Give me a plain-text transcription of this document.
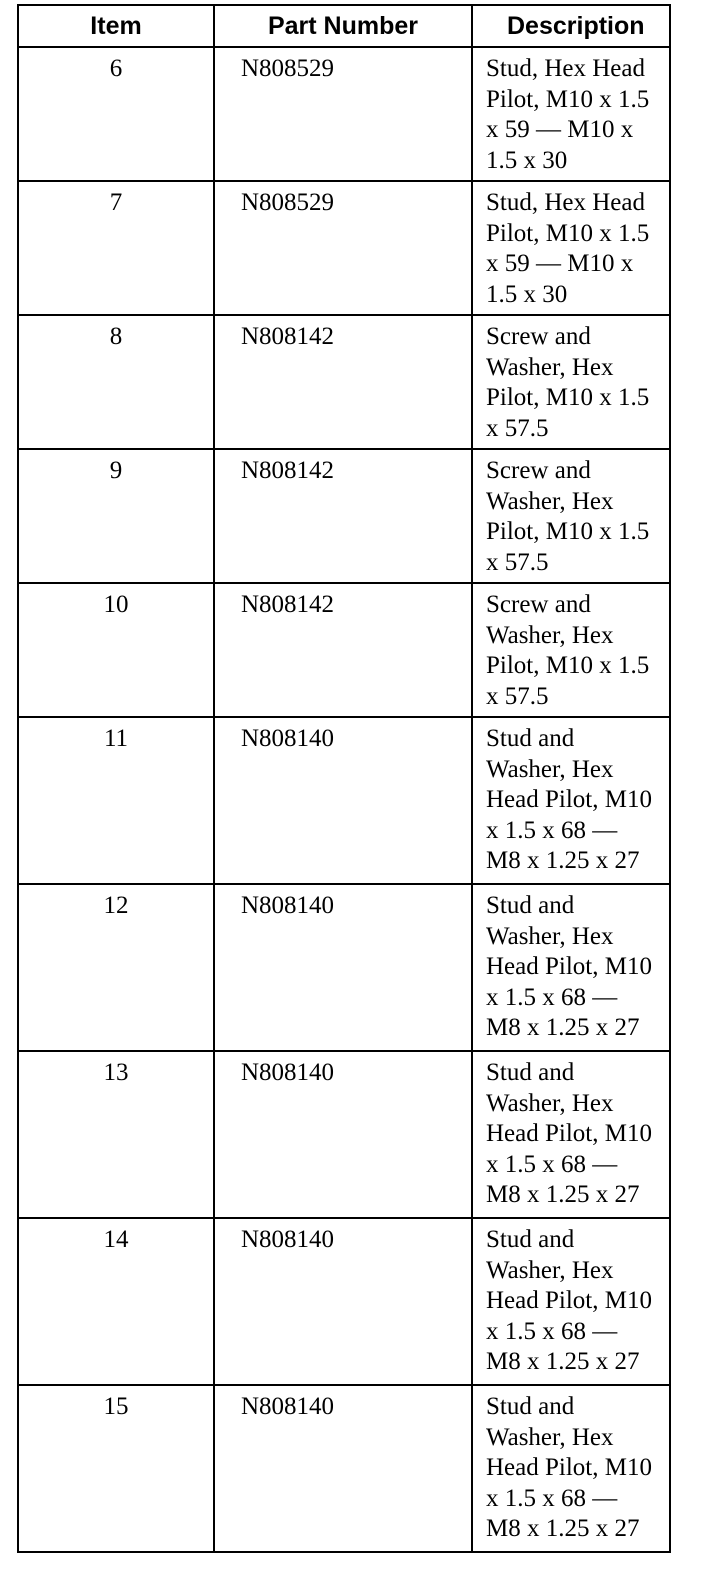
Item	Part Number	Description
6	N808529	Stud, Hex Head
Pilot, M10 x 1.5
x 59 — M10 x
1.5 x 30
7	N808529	Stud, Hex Head
Pilot, M10 x 1.5
x 59 — M10 x
1.5 x 30
8	N808142	Screw and
Washer, Hex
Pilot, M10 x 1.5
x 57.5
9	N808142	Screw and
Washer, Hex
Pilot, M10 x 1.5
x 57.5
10	N808142	Screw and
Washer, Hex
Pilot, M10 x 1.5
x 57.5
11	N808140	Stud and
Washer, Hex
Head Pilot, M10
x 1.5 x 68 —
M8 x 1.25 x 27
12	N808140	Stud and
Washer, Hex
Head Pilot, M10
x 1.5 x 68 —
M8 x 1.25 x 27
13	N808140	Stud and
Washer, Hex
Head Pilot, M10
x 1.5 x 68 —
M8 x 1.25 x 27
14	N808140	Stud and
Washer, Hex
Head Pilot, M10
x 1.5 x 68 —
M8 x 1.25 x 27
15	N808140	Stud and
Washer, Hex
Head Pilot, M10
x 1.5 x 68 —
M8 x 1.25 x 27
